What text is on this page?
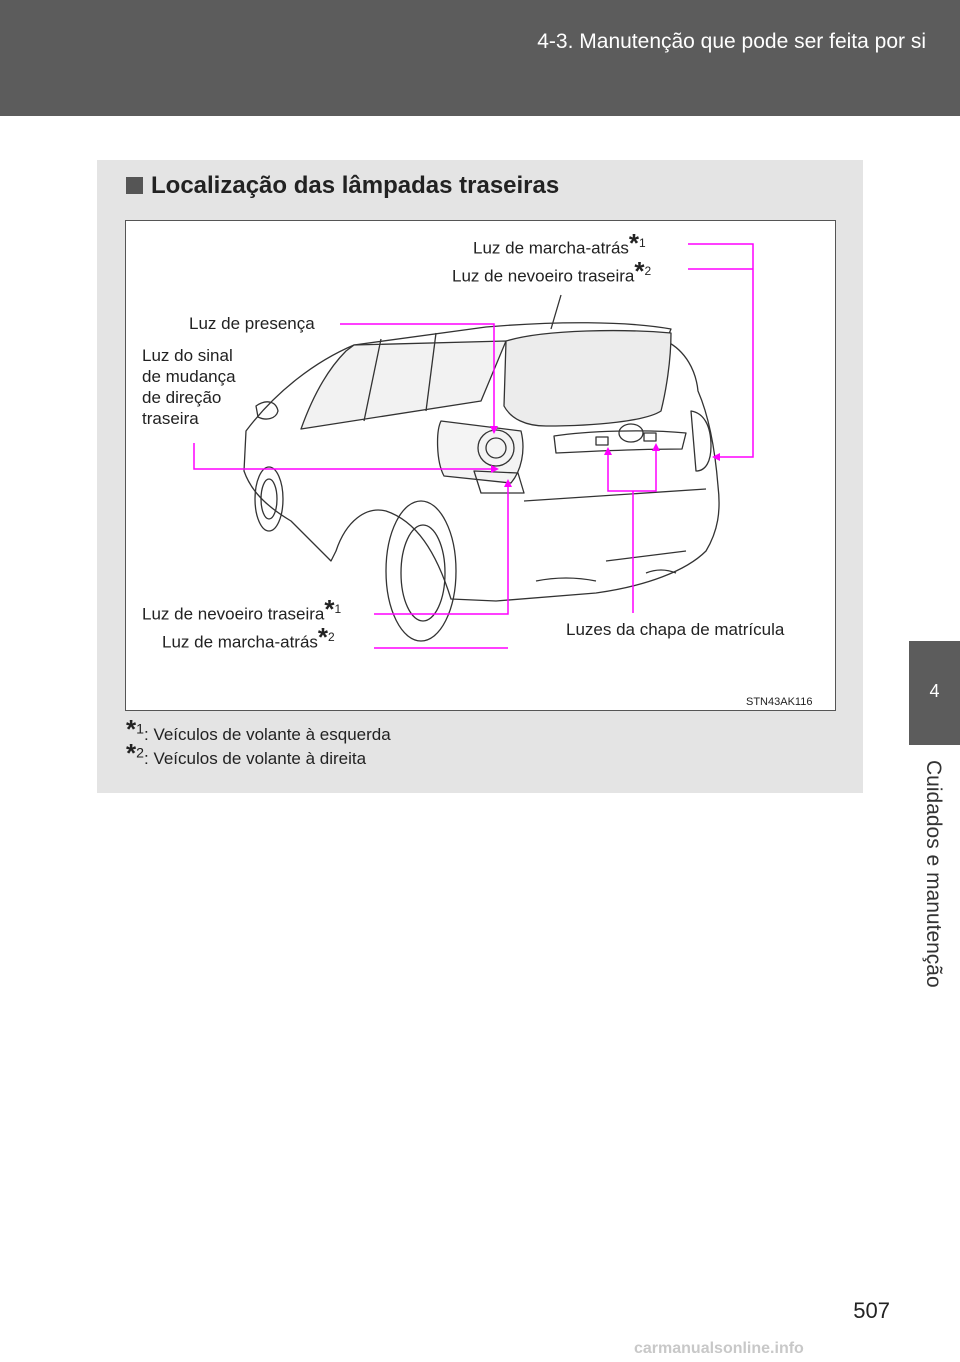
4-3. Manutenção que pode ser feita por si
4
Cuidados e manutenção
Localização das lâmpadas traseiras
Luz de marcha-atrás*$^1$
Luz de nevoeiro traseira*$^2$
Luz de presença
Luz do sinal
de mudança
de direção
traseira
Luz de nevoeiro traseira*$^1$
Luz de marcha-atrás*$^2$	Luzes da chapa de matrícula
STN43AK116
*$^1$: Veículos de volante à esquerda
*$^2$: Veículos de volante à direita
507
carmanualsonline.info
